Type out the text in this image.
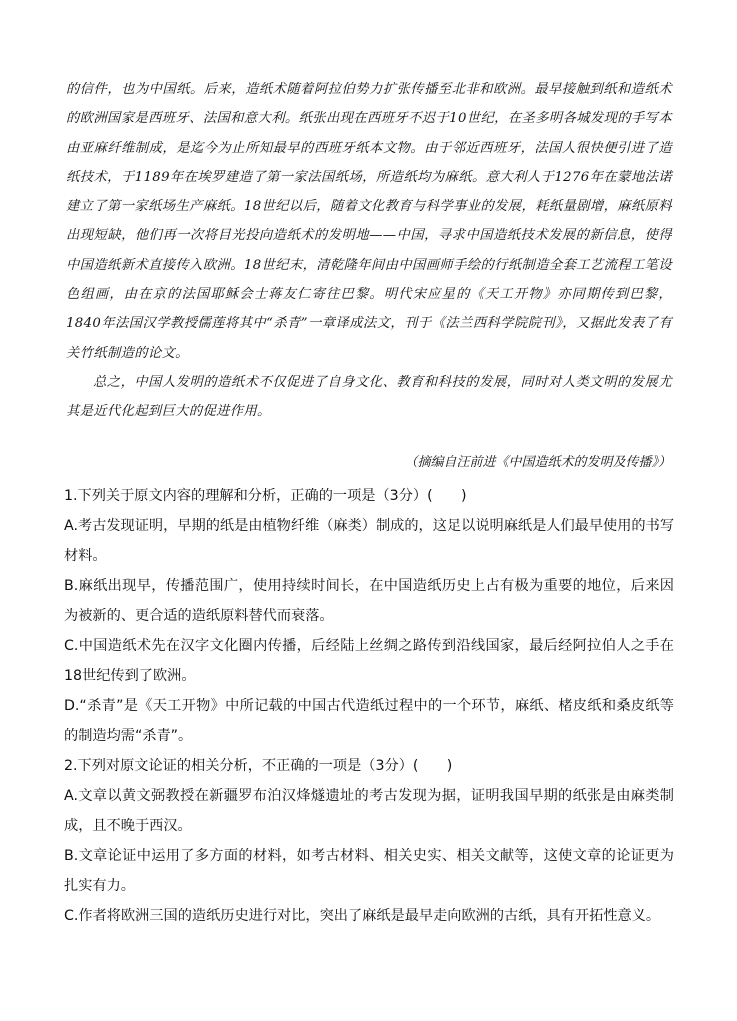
的信件，也为中国纸。后来，造纸术随着阿拉伯势力扩张传播至北非和欧洲。最早接触到纸和造纸术的欧洲国家是西班牙、法国和意大利。纸张出现在西班牙不迟于10世纪，在圣多明各城发现的手写本由亚麻纤维制成，是迄今为止所知最早的西班牙纸本文物。由于邻近西班牙，法国人很快便引进了造纸技术，于1189年在埃罗建造了第一家法国纸场，所造纸均为麻纸。意大利人于1276年在蒙地法诺建立了第一家纸场生产麻纸。18世纪以后，随着文化教育与科学事业的发展，耗纸量剧增，麻纸原料出现短缺，他们再一次将目光投向造纸术的发明地——中国，寻求中国造纸技术发展的新信息，使得中国造纸新术直接传入欧洲。18世纪末，清乾隆年间由中国画师手绘的行纸制造全套工艺流程工笔设色组画，由在京的法国耶稣会士蒋友仁寄往巴黎。明代宋应星的《天工开物》亦同期传到巴黎，1840年法国汉学教授儒莲将其中“杀青”一章译成法文，刊于《法兰西科学院院刊》，又据此发表了有关竹纸制造的论文。

总之，中国人发明的造纸术不仅促进了自身文化、教育和科技的发展，同时对人类文明的发展尤其是近代化起到巨大的促进作用。

（摘编自汪前进《中国造纸术的发明及传播》）

1.下列关于原文内容的理解和分析，正确的一项是（3分）(　　)

A.考古发现证明，早期的纸是由植物纤维（麻类）制成的，这足以说明麻纸是人们最早使用的书写材料。

B.麻纸出现早，传播范围广，使用持续时间长，在中国造纸历史上占有极为重要的地位，后来因为被新的、更合适的造纸原料替代而衰落。

C.中国造纸术先在汉字文化圈内传播，后经陆上丝绸之路传到沿线国家，最后经阿拉伯人之手在18世纪传到了欧洲。

D.“杀青”是《天工开物》中所记载的中国古代造纸过程中的一个环节，麻纸、楮皮纸和桑皮纸等的制造均需“杀青”。

2.下列对原文论证的相关分析，不正确的一项是（3分）(　　)

A.文章以黄文弼教授在新疆罗布泊汉烽燧遗址的考古发现为据，证明我国早期的纸张是由麻类制成，且不晚于西汉。

B.文章论证中运用了多方面的材料，如考古材料、相关史实、相关文献等，这使文章的论证更为扎实有力。

C.作者将欧洲三国的造纸历史进行对比，突出了麻纸是最早走向欧洲的古纸，具有开拓性意义。
